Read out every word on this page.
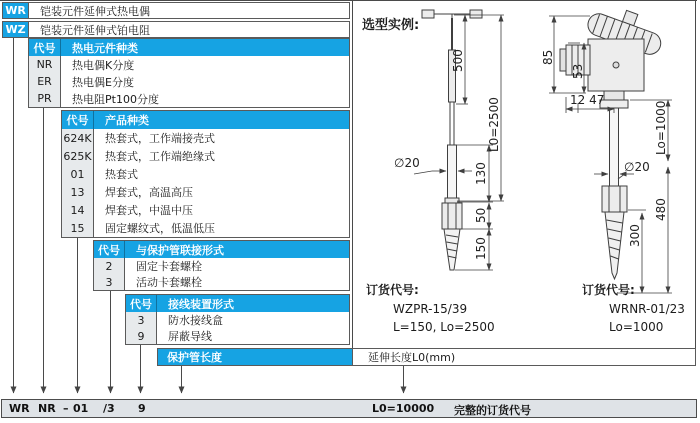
WR	铠装元件延伸式热电偶
WZ	铠装元件延伸式铂电阻
代号	热电元件种类
NR	热电偶K分度
ER	热电偶E分度
PR	热电阻Pt100分度
代号	产品种类
624K	热套式，工作端接壳式
625K	热套式，工作端绝缘式
01	热套式
13	焊套式，高温高压
14	焊套式，中温中压
15	固定螺纹式，低温低压
代号	与保护管联接形式
2	固定卡套螺栓
3	活动卡套螺栓
代号	接线装置形式
3	防水接线盒
9	屏蔽导线
保护管长度	延伸长度L0(mm)
选型实例:
500
L0=2500
∅20	130
50
150
85
53
12 47
Lo=1000
∅20
480
300
订货代号:
WZPR-15/39
L=150, Lo=2500
订货代号:
WRNR-01/23
Lo=1000
WR NR – 01 /3 9	L0=10000 完整的订货代号
